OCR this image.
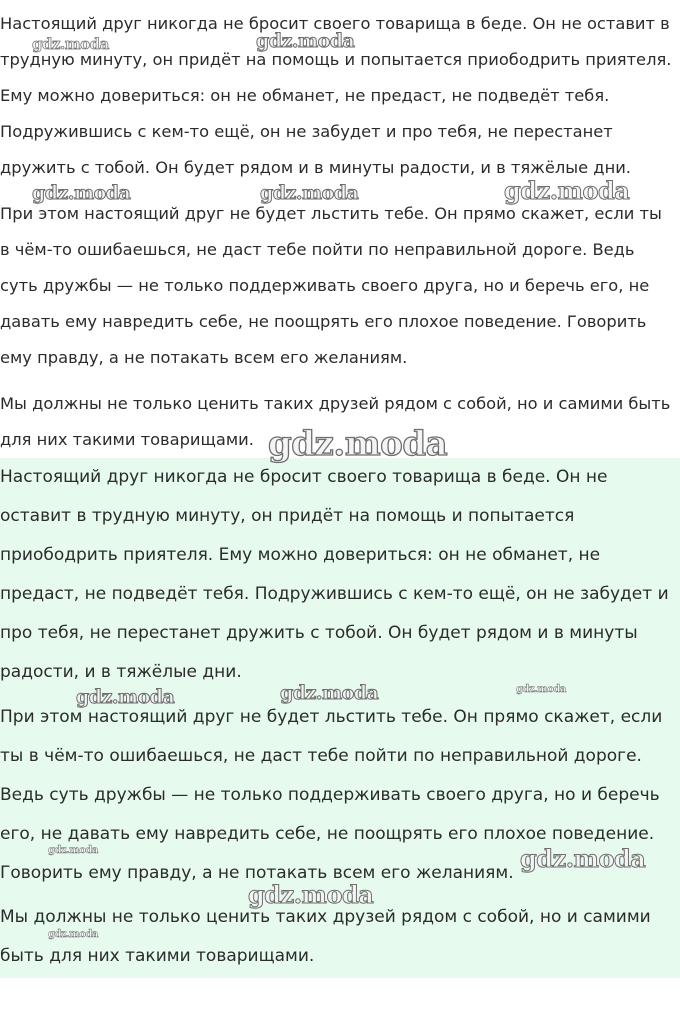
Настоящий друг никогда не бросит своего товарища в беде. Он не оставит в трудную минуту, он придёт на помощь и попытается приободрить приятеля. Ему можно довериться: он не обманет, не предаст, не подведёт тебя. Подружившись с кем-то ещё, он не забудет и про тебя, не перестанет дружить с тобой. Он будет рядом и в минуты радости, и в тяжёлые дни.

При этом настоящий друг не будет льстить тебе. Он прямо скажет, если ты в чём-то ошибаешься, не даст тебе пойти по неправильной дороге. Ведь суть дружбы — не только поддерживать своего друга, но и беречь его, не давать ему навредить себе, не поощрять его плохое поведение. Говорить ему правду, а не потакать всем его желаниям.

Мы должны не только ценить таких друзей рядом с собой, но и самими быть для них такими товарищами.

Настоящий друг никогда не бросит своего товарища в беде. Он не оставит в трудную минуту, он придёт на помощь и попытается приободрить приятеля. Ему можно довериться: он не обманет, не предаст, не подведёт тебя. Подружившись с кем-то ещё, он не забудет и про тебя, не перестанет дружить с тобой. Он будет рядом и в минуты радости, и в тяжёлые дни.

При этом настоящий друг не будет льстить тебе. Он прямо скажет, если ты в чём-то ошибаешься, не даст тебе пойти по неправильной дороге. Ведь суть дружбы — не только поддерживать своего друга, но и беречь его, не давать ему навредить себе, не поощрять его плохое поведение. Говорить ему правду, а не потакать всем его желаниям.

Мы должны не только ценить таких друзей рядом с собой, но и самими быть для них такими товарищами.

gdz.moda	gdz.moda
gdz.moda	gdz.moda	gdz.moda
gdz.moda
gdz.moda	gdz.moda	gdz.moda
gdz.moda	gdz.moda
gdz.moda
gdz.moda
